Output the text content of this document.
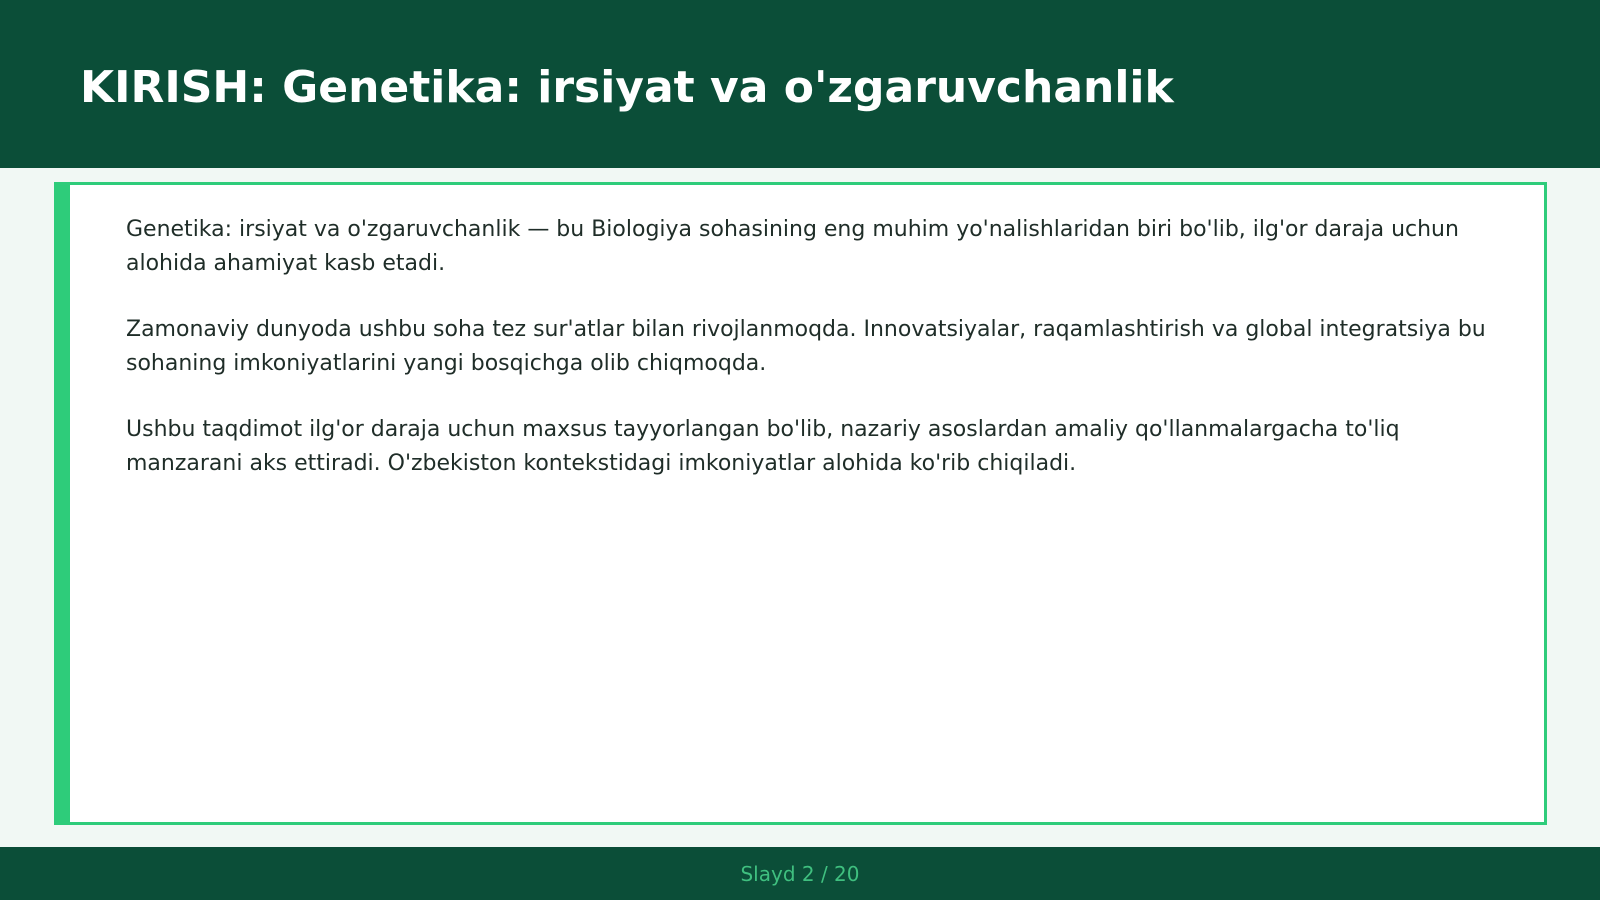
KIRISH: Genetika: irsiyat va o'zgaruvchanlik

Genetika: irsiyat va o'zgaruvchanlik — bu Biologiya sohasining eng muhim yo'nalishlaridan biri bo'lib, ilg'or daraja uchun alohida ahamiyat kasb etadi.

Zamonaviy dunyoda ushbu soha tez sur'atlar bilan rivojlanmoqda. Innovatsiyalar, raqamlashtirish va global integratsiya bu sohaning imkoniyatlarini yangi bosqichga olib chiqmoqda.

Ushbu taqdimot ilg'or daraja uchun maxsus tayyorlangan bo'lib, nazariy asoslardan amaliy qo'llanmalargacha to'liq manzarani aks ettiradi. O'zbekiston kontekstidagi imkoniyatlar alohida ko'rib chiqiladi.

Slayd 2 / 20
